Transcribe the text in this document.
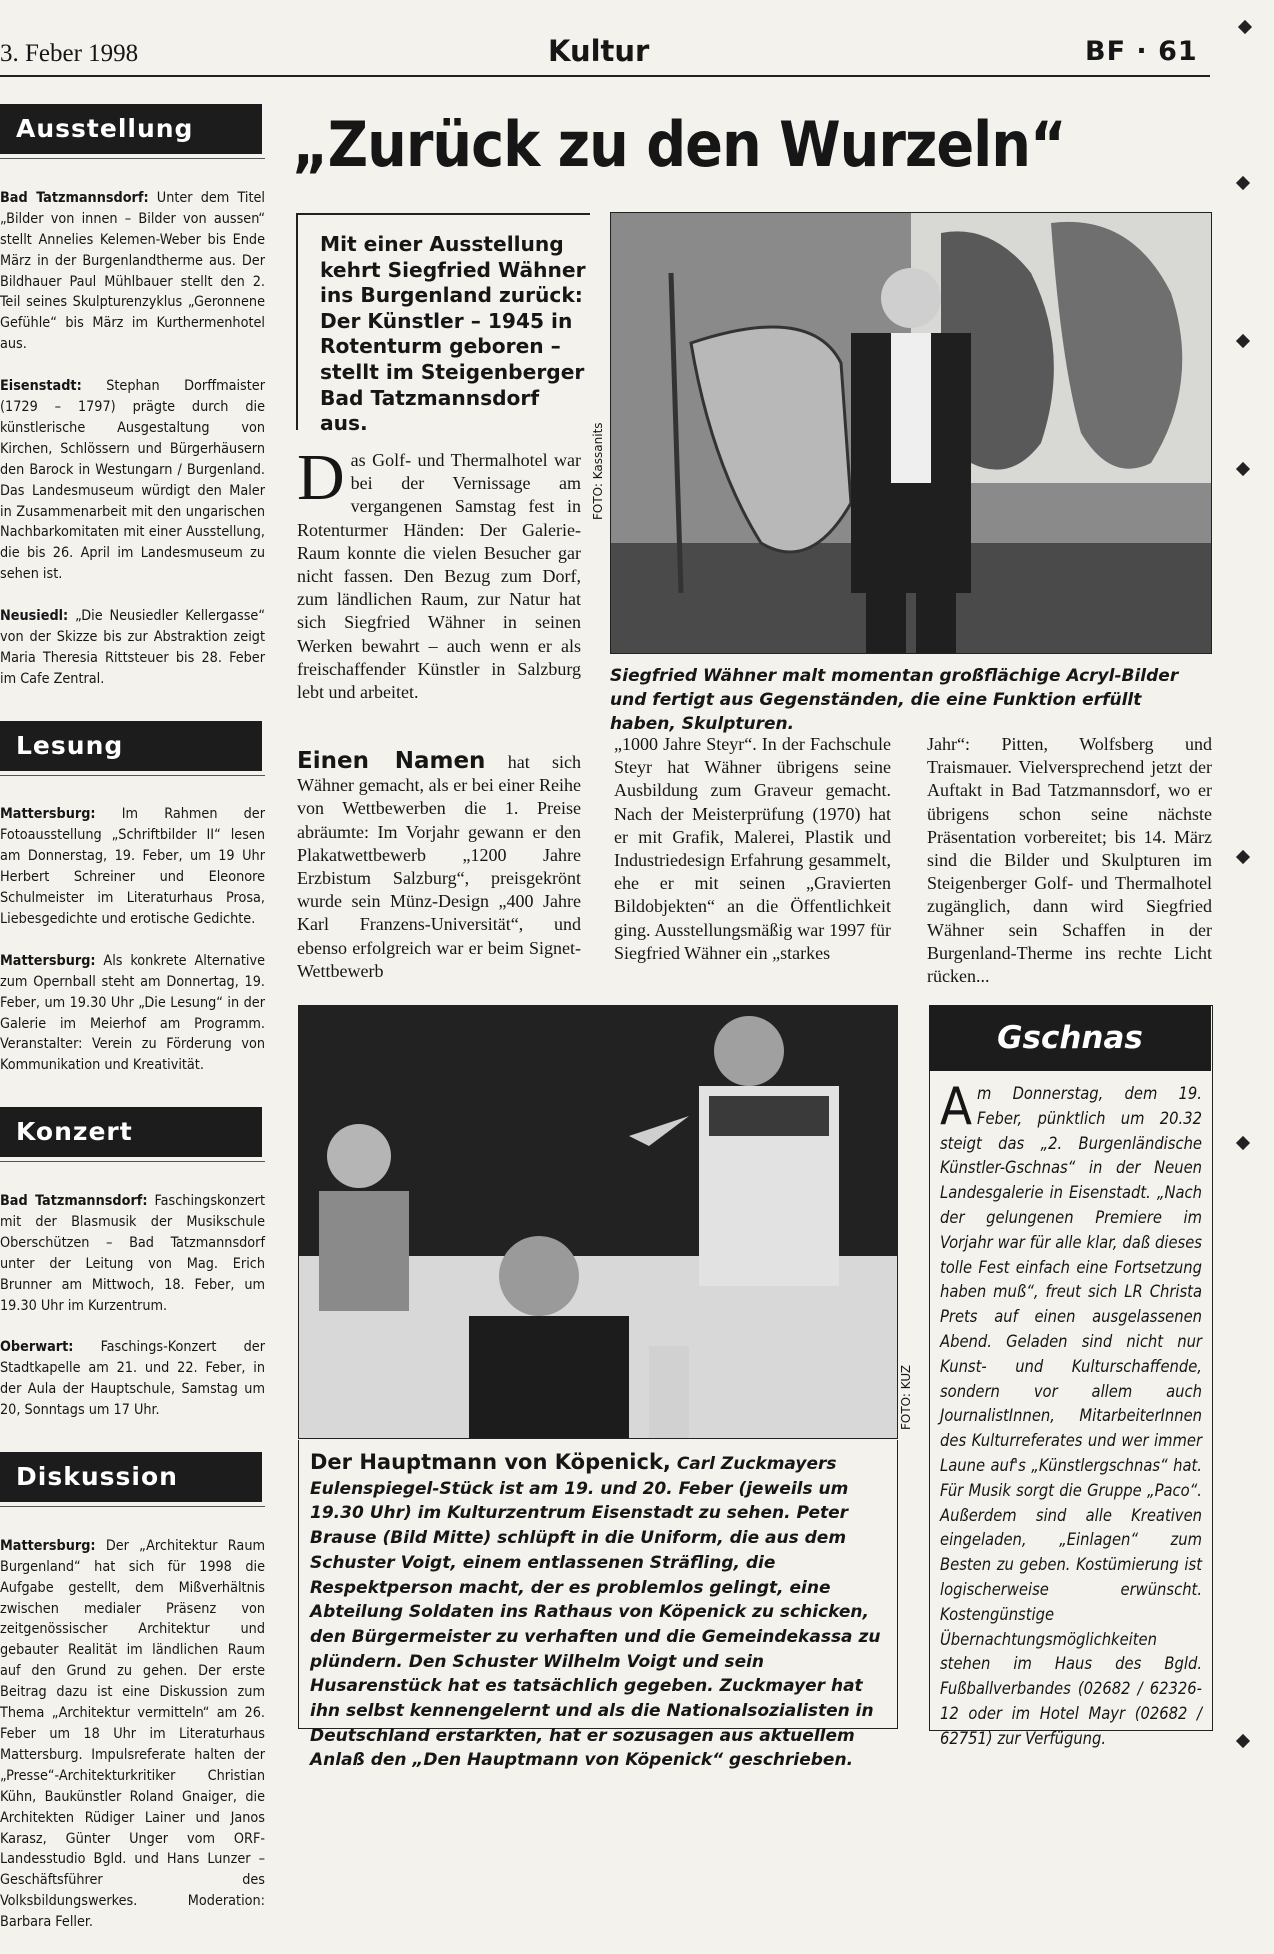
3. Feber 1998	Kultur	BF · 61
Ausstellung

Bad Tatzmannsdorf: Unter dem Titel „Bilder von innen – Bilder von aussen“ stellt Annelies Kelemen-Weber bis Ende März in der Burgenlandtherme aus. Der Bildhauer Paul Mühlbauer stellt den 2. Teil seines Skulpturenzyklus „Geronnene Gefühle“ bis März im Kurthermenhotel aus.

Eisenstadt: Stephan Dorffmaister (1729 – 1797) prägte durch die künstlerische Ausgestaltung von Kirchen, Schlössern und Bürgerhäusern den Barock in Westungarn / Burgenland. Das Landesmuseum würdigt den Maler in Zusammenarbeit mit den ungarischen Nachbarkomitaten mit einer Ausstellung, die bis 26. April im Landesmuseum zu sehen ist.

Neusiedl: „Die Neusiedler Kellergasse“ von der Skizze bis zur Abstraktion zeigt Maria Theresia Rittsteuer bis 28. Feber im Cafe Zentral.

Lesung

Mattersburg: Im Rahmen der Fotoausstellung „Schriftbilder II“ lesen am Donnerstag, 19. Feber, um 19 Uhr Herbert Schreiner und Eleonore Schulmeister im Literaturhaus Prosa, Liebesgedichte und erotische Gedichte.

Mattersburg: Als konkrete Alternative zum Opernball steht am Donnertag, 19. Feber, um 19.30 Uhr „Die Lesung“ in der Galerie im Meierhof am Programm. Veranstalter: Verein zu Förderung von Kommunikation und Kreativität.

Konzert

Bad Tatzmannsdorf: Faschingskonzert mit der Blasmusik der Musikschule Oberschützen – Bad Tatzmannsdorf unter der Leitung von Mag. Erich Brunner am Mittwoch, 18. Feber, um 19.30 Uhr im Kurzentrum.

Oberwart: Faschings-Konzert der Stadtkapelle am 21. und 22. Feber, in der Aula der Hauptschule, Samstag um 20, Sonntags um 17 Uhr.

Diskussion

Mattersburg: Der „Architektur Raum Burgenland“ hat sich für 1998 die Aufgabe gestellt, dem Mißverhältnis zwischen medialer Präsenz von zeitgenössischer Architektur und gebauter Realität im ländlichen Raum auf den Grund zu gehen. Der erste Beitrag dazu ist eine Diskussion zum Thema „Architektur vermitteln“ am 26. Feber um 18 Uhr im Literaturhaus Mattersburg. Impulsreferate halten der „Presse“-Architekturkritiker Christian Kühn, Baukünstler Roland Gnaiger, die Architekten Rüdiger Lainer und Janos Karasz, Günter Unger vom ORF-Landesstudio Bgld. und Hans Lunzer – Geschäftsführer des Volksbildungswerkes. Moderation: Barbara Feller.

„Zurück zu den Wurzeln“
Mit einer Ausstellung kehrt Siegfried Wähner ins Burgenland zurück: Der Künstler – 1945 in Rotenturm geboren – stellt im Steigenberger Bad Tatzmannsdorf aus.	FOTO: Kassanits
Siegfried Wähner malt momentan großflächige Acryl-Bilder und fertigt aus Gegenständen, die eine Funktion erfüllt haben, Skulpturen.
Das Golf- und Thermalhotel war bei der Vernissage am vergangenen Samstag fest in Rotenturmer Händen: Der Galerie-Raum konnte die vielen Besucher gar nicht fassen. Den Bezug zum Dorf, zum ländlichen Raum, zur Natur hat sich Siegfried Wähner in seinen Werken bewahrt – auch wenn er als freischaffender Künstler in Salzburg lebt und arbeitet.
Einen Namen hat sich Wähner gemacht, als er bei einer Reihe von Wettbewerben die 1. Preise abräumte: Im Vorjahr gewann er den Plakatwettbewerb „1200 Jahre Erzbistum Salzburg“, preisgekrönt wurde sein Münz-Design „400 Jahre Karl Franzens-Universität“, und ebenso erfolgreich war er beim Signet-Wettbewerb
„1000 Jahre Steyr“. In der Fachschule Steyr hat Wähner übrigens seine Ausbildung zum Graveur gemacht. Nach der Meisterprüfung (1970) hat er mit Grafik, Malerei, Plastik und Industriedesign Erfahrung gesammelt, ehe er mit seinen „Gravierten Bildobjekten“ an die Öffentlichkeit ging. Ausstellungsmäßig war 1997 für Siegfried Wähner ein „starkes
Jahr“: Pitten, Wolfsberg und Traismauer. Vielversprechend jetzt der Auftakt in Bad Tatzmannsdorf, wo er übrigens schon seine nächste Präsentation vorbereitet; bis 14. März sind die Bilder und Skulpturen im Steigenberger Golf- und Thermalhotel zugänglich, dann wird Siegfried Wähner sein Schaffen in der Burgenland-Therme ins rechte Licht rücken...
FOTO: KUZ
Der Hauptmann von Köpenick, Carl Zuckmayers Eulenspiegel-Stück ist am 19. und 20. Feber (jeweils um 19.30 Uhr) im Kulturzentrum Eisenstadt zu sehen. Peter Brause (Bild Mitte) schlüpft in die Uniform, die aus dem Schuster Voigt, einem entlassenen Sträfling, die Respektperson macht, der es problemlos gelingt, eine Abteilung Soldaten ins Rathaus von Köpenick zu schicken, den Bürgermeister zu verhaften und die Gemeindekassa zu plündern. Den Schuster Wilhelm Voigt und sein Husarenstück hat es tatsächlich gegeben. Zuckmayer hat ihn selbst kennengelernt und als die Nationalsozialisten in Deutschland erstarkten, hat er sozusagen aus aktuellem Anlaß den „Den Hauptmann von Köpenick“ geschrieben.
Gschnas
Am Donnerstag, dem 19. Feber, pünktlich um 20.32 steigt das „2. Burgenländische Künstler-Gschnas“ in der Neuen Landesgalerie in Eisenstadt. „Nach der gelungenen Premiere im Vorjahr war für alle klar, daß dieses tolle Fest einfach eine Fortsetzung haben muß“, freut sich LR Christa Prets auf einen ausgelassenen Abend. Geladen sind nicht nur Kunst- und Kulturschaffende, sondern vor allem auch JournalistInnen, MitarbeiterInnen des Kulturreferates und wer immer Laune auf's „Künstlergschnas“ hat. Für Musik sorgt die Gruppe „Paco“. Außerdem sind alle Kreativen eingeladen, „Einlagen“ zum Besten zu geben. Kostümierung ist logischerweise erwünscht. Kostengünstige Übernachtungsmöglichkeiten stehen im Haus des Bgld. Fußballverbandes (02682 / 62326-12 oder im Hotel Mayr (02682 / 62751) zur Verfügung.
